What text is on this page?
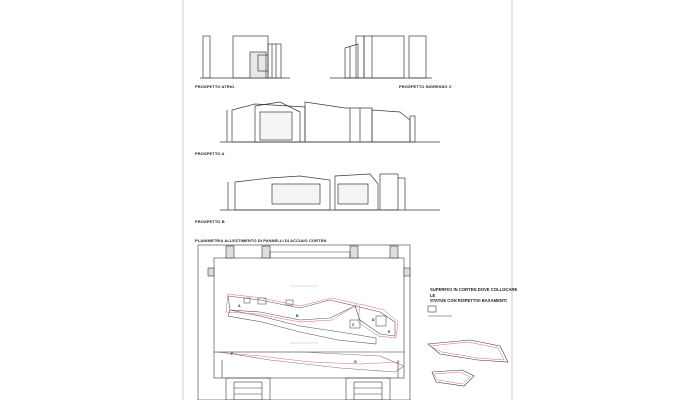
PROSPETTO ATRIO	PROSPETTO INGRESSO C
PROSPETTO A
PROSPETTO B
PLANIMETRIA ALLESTIMENTO DI PANNELLI DI ACCIAIO CORTEN
SUPERFICI IN CORTEN DOVE COLLOCARE LE
STATUE CON RISPETTIVI BASAMENTI
A
B
C
D
E
F
G
